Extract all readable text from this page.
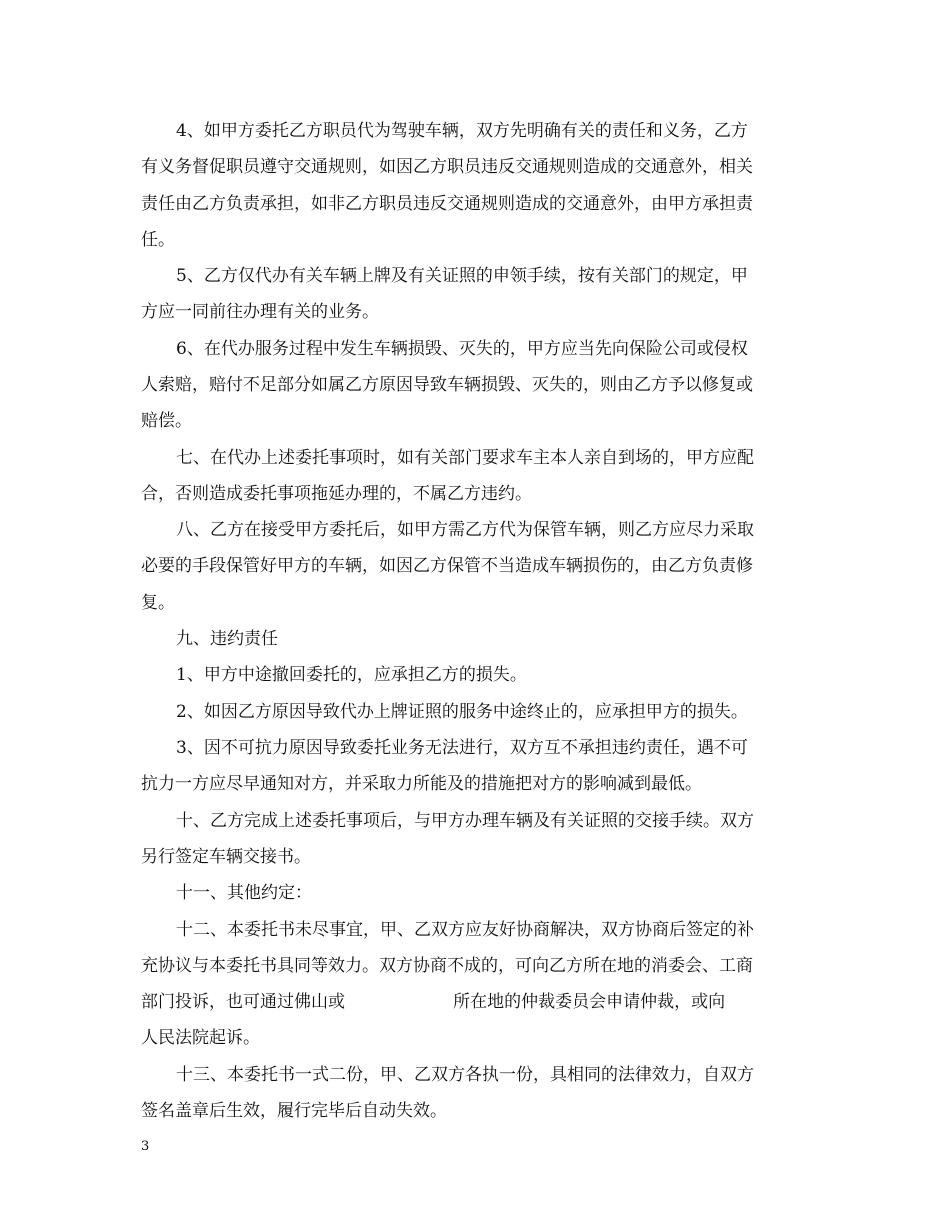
4、如甲方委托乙方职员代为驾驶车辆，双方先明确有关的责任和义务，乙方
有义务督促职员遵守交通规则，如因乙方职员违反交通规则造成的交通意外，相关
责任由乙方负责承担，如非乙方职员违反交通规则造成的交通意外，由甲方承担责
任。
5、乙方仅代办有关车辆上牌及有关证照的申领手续，按有关部门的规定，甲
方应一同前往办理有关的业务。
6、在代办服务过程中发生车辆损毁、灭失的，甲方应当先向保险公司或侵权
人索赔，赔付不足部分如属乙方原因导致车辆损毁、灭失的，则由乙方予以修复或
赔偿。
七、在代办上述委托事项时，如有关部门要求车主本人亲自到场的，甲方应配
合，否则造成委托事项拖延办理的，不属乙方违约。
八、乙方在接受甲方委托后，如甲方需乙方代为保管车辆，则乙方应尽力采取
必要的手段保管好甲方的车辆，如因乙方保管不当造成车辆损伤的，由乙方负责修
复。
九、违约责任
1、甲方中途撤回委托的，应承担乙方的损失。
2、如因乙方原因导致代办上牌证照的服务中途终止的，应承担甲方的损失。
3、因不可抗力原因导致委托业务无法进行，双方互不承担违约责任，遇不可
抗力一方应尽早通知对方，并采取力所能及的措施把对方的影响减到最低。
十、乙方完成上述委托事项后，与甲方办理车辆及有关证照的交接手续。双方
另行签定车辆交接书。
十一、其他约定：
十二、本委托书未尽事宜，甲、乙双方应友好协商解决，双方协商后签定的补
充协议与本委托书具同等效力。双方协商不成的，可向乙方所在地的消委会、工商
部门投诉，也可通过佛山或                    所在地的仲裁委员会申请仲裁，或向
人民法院起诉。
十三、本委托书一式二份，甲、乙双方各执一份，具相同的法律效力，自双方
签名盖章后生效，履行完毕后自动失效。
3
